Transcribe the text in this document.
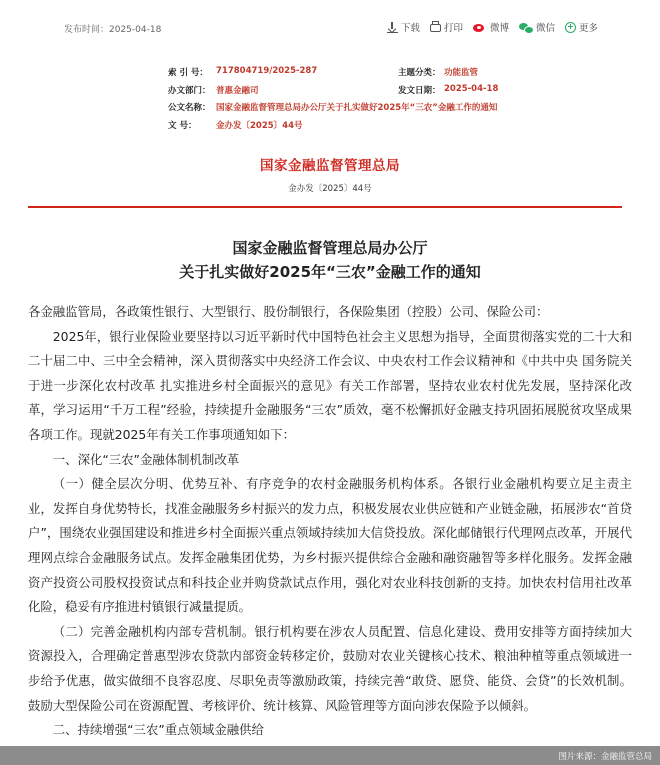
发布时间：2025-04-18	下载	打印	微博	微信	更多
索 引 号： 717804719/2025-287	主题分类： 功能监管
办文部门： 普惠金融司	发文日期： 2025-04-18
公文名称： 国家金融监督管理总局办公厅关于扎实做好2025年“三农”金融工作的通知
文 号： 金办发〔2025〕44号
国家金融监督管理总局
金办发〔2025〕44号
国家金融监督管理总局办公厅
关于扎实做好2025年“三农”金融工作的通知

各金融监管局，各政策性银行、大型银行、股份制银行，各保险集团（控股）公司、保险公司：

2025年，银行业保险业要坚持以习近平新时代中国特色社会主义思想为指导，全面贯彻落实党的二十大和二十届二中、三中全会精神，深入贯彻落实中央经济工作会议、中央农村工作会议精神和《中共中央 国务院关于进一步深化农村改革 扎实推进乡村全面振兴的意见》有关工作部署，坚持农业农村优先发展，坚持深化改革，学习运用“千万工程”经验，持续提升金融服务“三农”质效，毫不松懈抓好金融支持巩固拓展脱贫攻坚成果各项工作。现就2025年有关工作事项通知如下：

一、深化“三农”金融体制机制改革

（一）健全层次分明、优势互补、有序竞争的农村金融服务机构体系。各银行业金融机构要立足主责主业，发挥自身优势特长，找准金融服务乡村振兴的发力点，积极发展农业供应链和产业链金融，拓展涉农“首贷户”，围绕农业强国建设和推进乡村全面振兴重点领域持续加大信贷投放。深化邮储银行代理网点改革，开展代理网点综合金融服务试点。发挥金融集团优势，为乡村振兴提供综合金融和融资融智等多样化服务。发挥金融资产投资公司股权投资试点和科技企业并购贷款试点作用，强化对农业科技创新的支持。加快农村信用社改革化险，稳妥有序推进村镇银行减量提质。

（二）完善金融机构内部专营机制。银行机构要在涉农人员配置、信息化建设、费用安排等方面持续加大资源投入，合理确定普惠型涉农贷款内部资金转移定价，鼓励对农业关键核心技术、粮油种植等重点领域进一步给予优惠，做实做细不良容忍度、尽职免责等激励政策，持续完善“敢贷、愿贷、能贷、会贷”的长效机制。鼓励大型保险公司在资源配置、考核评价、统计核算、风险管理等方面向涉农保险予以倾斜。

二、持续增强“三农”重点领域金融供给

图片来源：金融监管总局
